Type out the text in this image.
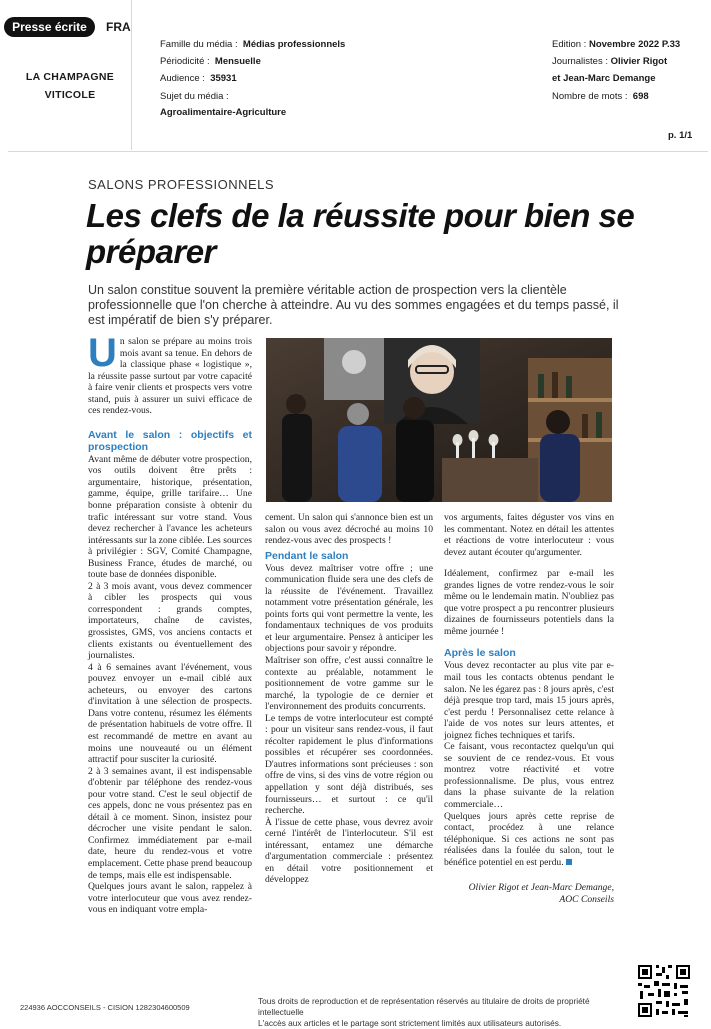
Presse écrite	FRA
LA CHAMPAGNE
VITICOLE
Famille du média : Médias professionnels
Périodicité : Mensuelle
Audience : 35931
Sujet du média :
Agroalimentaire-Agriculture
Edition : Novembre 2022 P.33
Journalistes : Olivier Rigot
et Jean-Marc Demange
Nombre de mots : 698
p. 1/1
SALONS PROFESSIONNELS
Les clefs de la réussite pour bien se préparer
Un salon constitue souvent la première véritable action de prospection vers la clientèle professionnelle que l'on cherche à atteindre. Au vu des sommes engagées et du temps passé, il est impératif de bien s'y préparer.

Un salon se prépare au moins trois mois avant sa tenue. En dehors de la classique phase « logistique », la réussite passe surtout par votre capacité à faire venir clients et prospects vers votre stand, puis à assurer un suivi efficace de ces rendez-vous.

Avant le salon : objectifs et prospection

Avant même de débuter votre prospection, vos outils doivent être prêts : argumentaire, historique, présentation, gamme, équipe, grille tarifaire… Une bonne préparation consiste à obtenir du trafic intéressant sur votre stand. Vous devez rechercher à l'avance les acheteurs intéressants sur la zone ciblée. Les sources à privilégier : SGV, Comité Champagne, Business France, études de marché, ou toute base de données disponible.

2 à 3 mois avant, vous devez commencer à cibler les prospects qui vous correspondent : grands comptes, importateurs, chaîne de cavistes, grossistes, GMS, vos anciens contacts et clients existants ou éventuellement des journalistes.

4 à 6 semaines avant l'événement, vous pouvez envoyer un e-mail ciblé aux acheteurs, ou envoyer des cartons d'invitation à une sélection de prospects. Dans votre contenu, résumez les éléments de présentation habituels de votre offre. Il est recommandé de mettre en avant au moins une nouveauté ou un élément attractif pour susciter la curiosité.

2 à 3 semaines avant, il est indispensable d'obtenir par téléphone des rendez-vous pour votre stand. C'est le seul objectif de ces appels, donc ne vous présentez pas en détail à ce moment. Sinon, insistez pour décrocher une visite pendant le salon. Confirmez immédiatement par e-mail date, heure du rendez-vous et votre emplacement. Cette phase prend beaucoup de temps, mais elle est indispensable.

Quelques jours avant le salon, rappelez à votre interlocuteur que vous avez rendez-vous en indiquant votre empla-

cement. Un salon qui s'annonce bien est un salon ou vous avez décroché au moins 10 rendez-vous avec des prospects !

Pendant le salon

Vous devez maîtriser votre offre ; une communication fluide sera une des clefs de la réussite de l'événement. Travaillez notamment votre présentation générale, les points forts qui vont permettre la vente, les fondamentaux techniques de vos produits et leur argumentaire. Pensez à anticiper les objections pour savoir y répondre.

Maîtriser son offre, c'est aussi connaître le contexte au préalable, notamment le positionnement de votre gamme sur le marché, la typologie de ce dernier et l'environnement des produits concurrents.

Le temps de votre interlocuteur est compté : pour un visiteur sans rendez-vous, il faut récolter rapidement le plus d'informations possibles et récupérer ses coordonnées. D'autres informations sont précieuses : son offre de vins, si des vins de votre région ou appellation y sont déjà distribués, ses fournisseurs… et surtout : ce qu'il recherche.

À l'issue de cette phase, vous devrez avoir cerné l'intérêt de l'interlocuteur. S'il est intéressant, entamez une démarche d'argumentation commerciale : présentez en détail votre positionnement et développez

vos arguments, faites déguster vos vins en les commentant. Notez en détail les attentes et réactions de votre interlocuteur : vous devez autant écouter qu'argumenter.

Idéalement, confirmez par e-mail les grandes lignes de votre rendez-vous le soir même ou le lendemain matin. N'oubliez pas que votre prospect a pu rencontrer plusieurs dizaines de fournisseurs potentiels dans la même journée !

Après le salon

Vous devez recontacter au plus vite par e-mail tous les contacts obtenus pendant le salon. Ne les égarez pas : 8 jours après, c'est déjà presque trop tard, mais 15 jours après, c'est perdu ! Personnalisez cette relance à l'aide de vos notes sur leurs attentes, et joignez fiches techniques et tarifs.

Ce faisant, vous recontactez quelqu'un qui se souvient de ce rendez-vous. Et vous montrez votre réactivité et votre professionnalisme. De plus, vous entrez dans la phase suivante de la relation commerciale…

Quelques jours après cette reprise de contact, procédez à une relance téléphonique. Si ces actions ne sont pas réalisées dans la foulée du salon, tout le bénéfice potentiel en est perdu.

Olivier Rigot et Jean-Marc Demange,

AOC Conseils

224936 AOCCONSEILS - CISION 1282304600509
Tous droits de reproduction et de représentation réservés au titulaire de droits de propriété intellectuelle
L'accès aux articles et le partage sont strictement limités aux utilisateurs autorisés.
